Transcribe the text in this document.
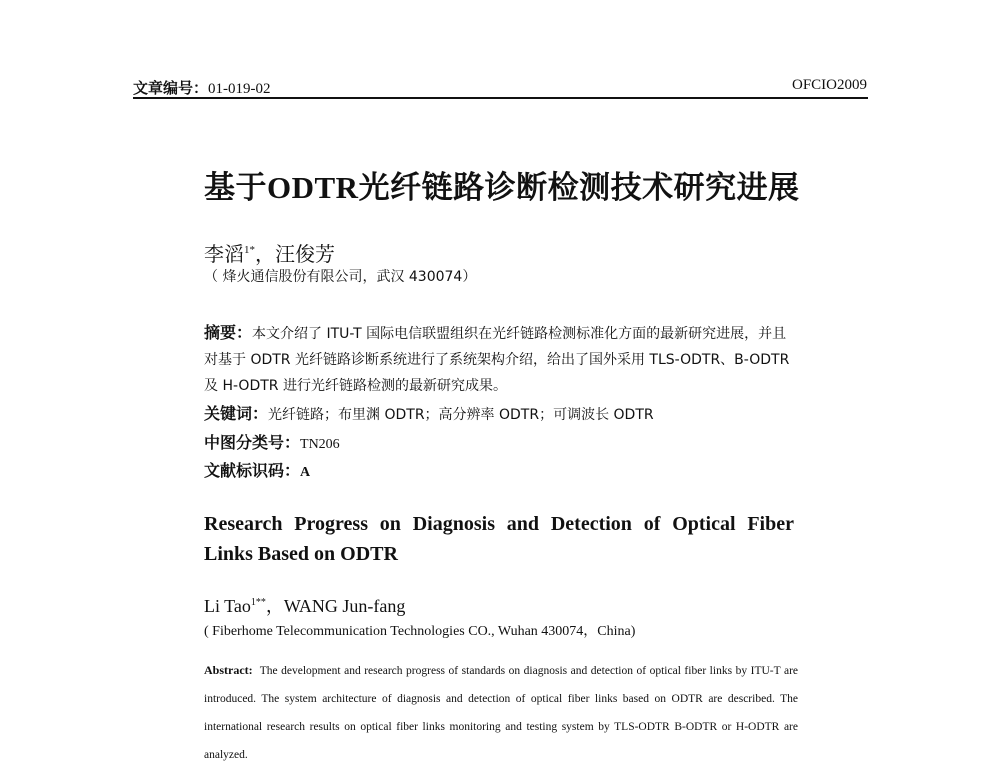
文章编号：01-019-02	OFCIO2009
基于ODTR光纤链路诊断检测技术研究进展
李滔$^{1*}$，汪俊芳
（ 烽火通信股份有限公司，武汉 430074）
摘要：本文介绍了 ITU-T 国际电信联盟组织在光纤链路检测标准化方面的最新研究进展，并且对基于 ODTR 光纤链路诊断系统进行了系统架构介绍，给出了国外采用 TLS-ODTR、B-ODTR 及 H-ODTR 进行光纤链路检测的最新研究成果。
关键词：光纤链路；布里渊 ODTR；高分辨率 ODTR；可调波长 ODTR
中图分类号：TN206
文献标识码：A
Research Progress on Diagnosis and Detection of Optical Fiber
Links Based on ODTR
Li Tao$^{1**}$，WANG Jun-fang
( Fiberhome Telecommunication Technologies CO., Wuhan 430074，China)
Abstract: The development and research progress of standards on diagnosis and detection of optical fiber links by ITU-T are introduced. The system architecture of diagnosis and detection of optical fiber links based on ODTR are described. The international research results on optical fiber links monitoring and testing system by TLS-ODTR B-ODTR or H-ODTR are analyzed.
